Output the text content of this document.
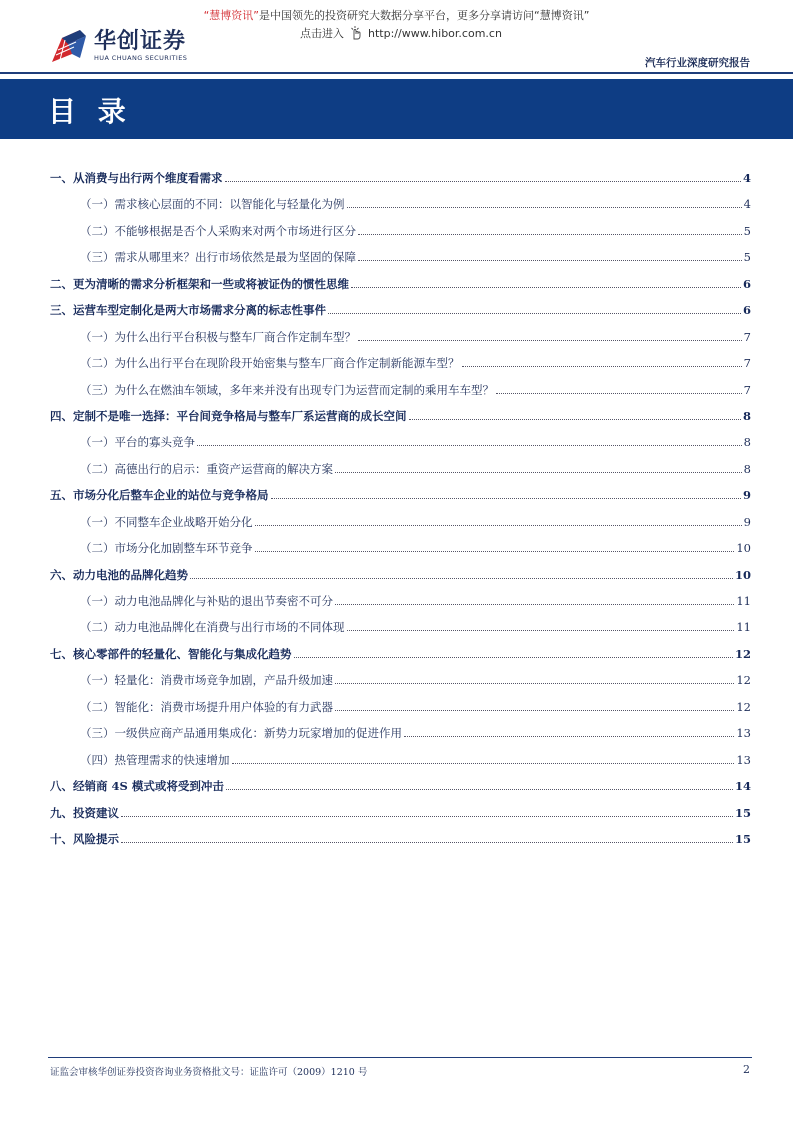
“慧博资讯”是中国领先的投资研究大数据分享平台，更多分享请访问“慧博资讯”
点击进入 http://www.hibor.com.cn
华创证券
HUA CHUANG SECURITIES	汽车行业深度研究报告
目 录
一、从消费与出行两个维度看需求	4
（一）需求核心层面的不同：以智能化与轻量化为例	4
（二）不能够根据是否个人采购来对两个市场进行区分	5
（三）需求从哪里来？出行市场依然是最为坚固的保障	5
二、更为清晰的需求分析框架和一些或将被证伪的惯性思维	6
三、运营车型定制化是两大市场需求分离的标志性事件	6
（一）为什么出行平台积极与整车厂商合作定制车型？	7
（二）为什么出行平台在现阶段开始密集与整车厂商合作定制新能源车型？	7
（三）为什么在燃油车领域，多年来并没有出现专门为运营而定制的乘用车车型？	7
四、定制不是唯一选择：平台间竞争格局与整车厂系运营商的成长空间	8
（一）平台的寡头竞争	8
（二）高德出行的启示：重资产运营商的解决方案	8
五、市场分化后整车企业的站位与竞争格局	9
（一）不同整车企业战略开始分化	9
（二）市场分化加剧整车环节竞争	10
六、动力电池的品牌化趋势	10
（一）动力电池品牌化与补贴的退出节奏密不可分	11
（二）动力电池品牌化在消费与出行市场的不同体现	11
七、核心零部件的轻量化、智能化与集成化趋势	12
（一）轻量化：消费市场竞争加剧，产品升级加速	12
（二）智能化：消费市场提升用户体验的有力武器	12
（三）一级供应商产品通用集成化：新势力玩家增加的促进作用	13
（四）热管理需求的快速增加	13
八、经销商 4S 模式或将受到冲击	14
九、投资建议	15
十、风险提示	15
证监会审核华创证券投资咨询业务资格批文号：证监许可（2009）1210 号	2
